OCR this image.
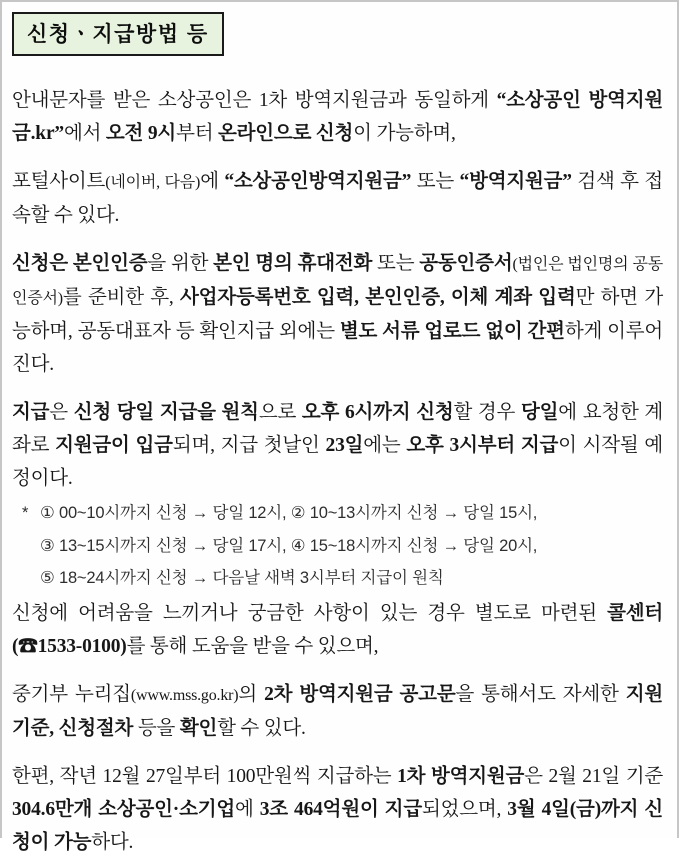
신청ㆍ지급방법 등

안내문자를 받은 소상공인은 1차 방역지원금과 동일하게 “소상공인 방역지원금.kr”에서 오전 9시부터 온라인으로 신청이 가능하며,

포털사이트(네이버, 다음)에 “소상공인방역지원금” 또는 “방역지원금” 검색 후 접속할 수 있다.

신청은 본인인증을 위한 본인 명의 휴대전화 또는 공동인증서(법인은 법인명의 공동인증서)를 준비한 후, 사업자등록번호 입력, 본인인증, 이체 계좌 입력만 하면 가능하며, 공동대표자 등 확인지급 외에는 별도 서류 업로드 없이 간편하게 이루어진다.

지급은 신청 당일 지급을 원칙으로 오후 6시까지 신청할 경우 당일에 요청한 계좌로 지원금이 입금되며, 지급 첫날인 23일에는 오후 3시부터 지급이 시작될 예정이다.

* ① 00~10시까지 신청 → 당일 12시, ② 10~13시까지 신청 → 당일 15시,
③ 13~15시까지 신청 → 당일 17시, ④ 15~18시까지 신청 → 당일 20시,
⑤ 18~24시까지 신청 → 다음날 새벽 3시부터 지급이 원칙

신청에 어려움을 느끼거나 궁금한 사항이 있는 경우 별도로 마련된 콜센터(☎1533-0100)를 통해 도움을 받을 수 있으며,

중기부 누리집(www.mss.go.kr)의 2차 방역지원금 공고문을 통해서도 자세한 지원기준, 신청절차 등을 확인할 수 있다.

한편, 작년 12월 27일부터 100만원씩 지급하는 1차 방역지원금은 2월 21일 기준 304.6만개 소상공인·소기업에 3조 464억원이 지급되었으며, 3월 4일(금)까지 신청이 가능하다.
